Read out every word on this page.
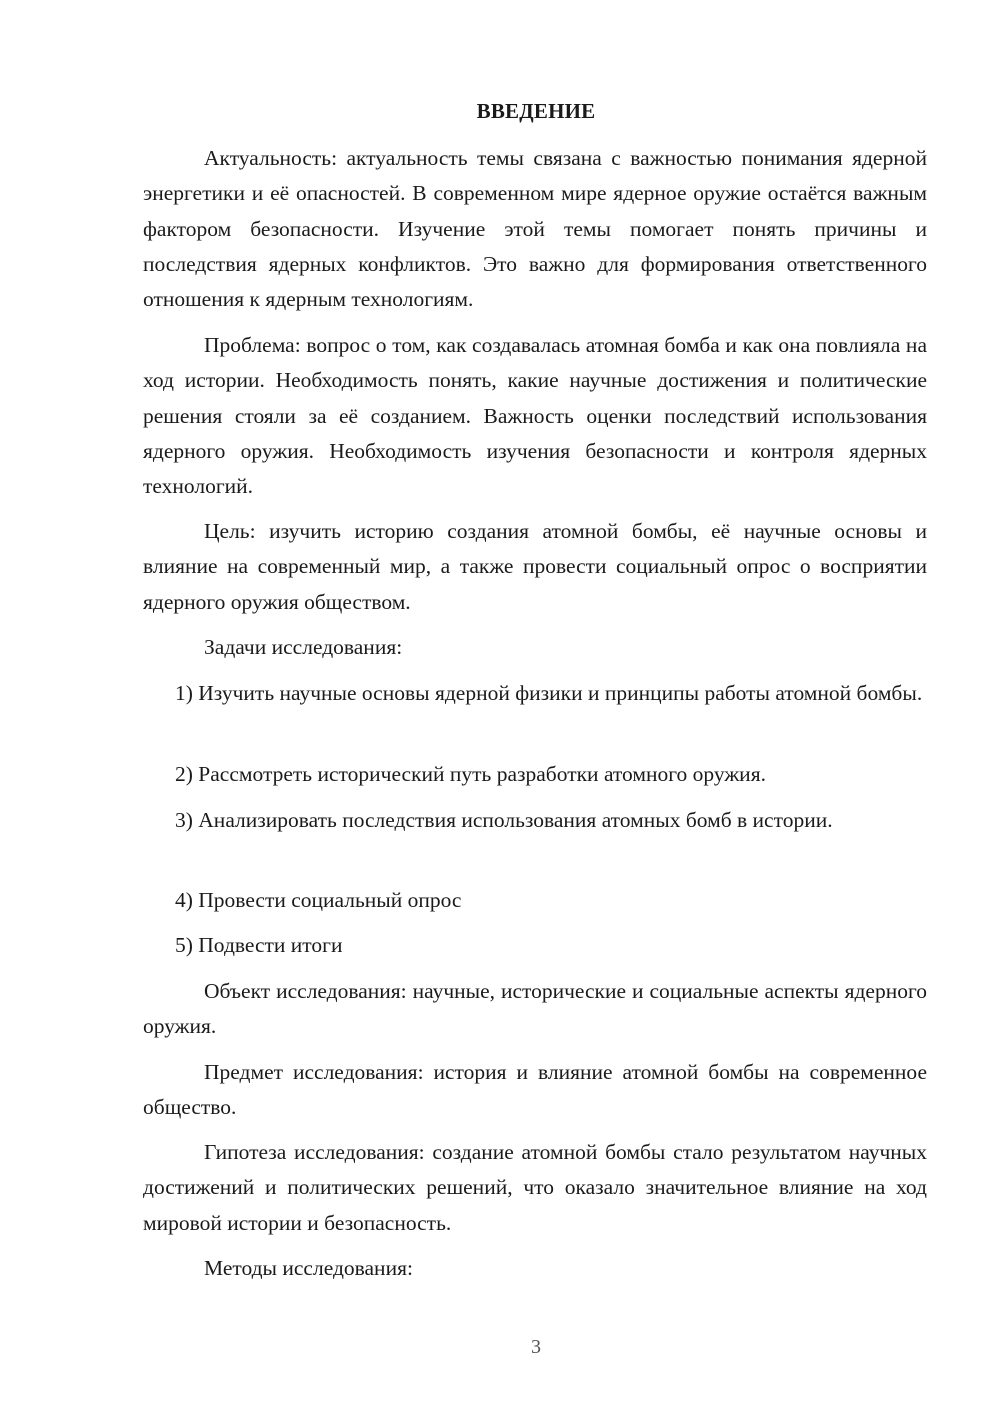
ВВЕДЕНИЕ

Актуальность: актуальность темы связана с важностью понимания ядерной энергетики и её опасностей. В современном мире ядерное оружие остаётся важным фактором безопасности. Изучение этой темы помогает понять причины и последствия ядерных конфликтов. Это важно для формирования ответственного отношения к ядерным технологиям.

Проблема: вопрос о том, как создавалась атомная бомба и как она повлияла на ход истории. Необходимость понять, какие научные достижения и политические решения стояли за её созданием. Важность оценки последствий использования ядерного оружия. Необходимость изучения безопасности и контроля ядерных технологий.

Цель: изучить историю создания атомной бомбы, её научные основы и влияние на современный мир, а также провести социальный опрос о восприятии ядерного оружия обществом.

Задачи исследования:

1) Изучить научные основы ядерной физики и принципы работы атомной бомбы.

2) Рассмотреть исторический путь разработки атомного оружия.

3) Анализировать последствия использования атомных бомб в истории.

4) Провести социальный опрос

5) Подвести итоги

Объект исследования: научные, исторические и социальные аспекты ядерного оружия.

Предмет исследования: история и влияние атомной бомбы на современное общество.

Гипотеза исследования: создание атомной бомбы стало результатом научных достижений и политических решений, что оказало значительное влияние на ход мировой истории и безопасность.

Методы исследования:

3
